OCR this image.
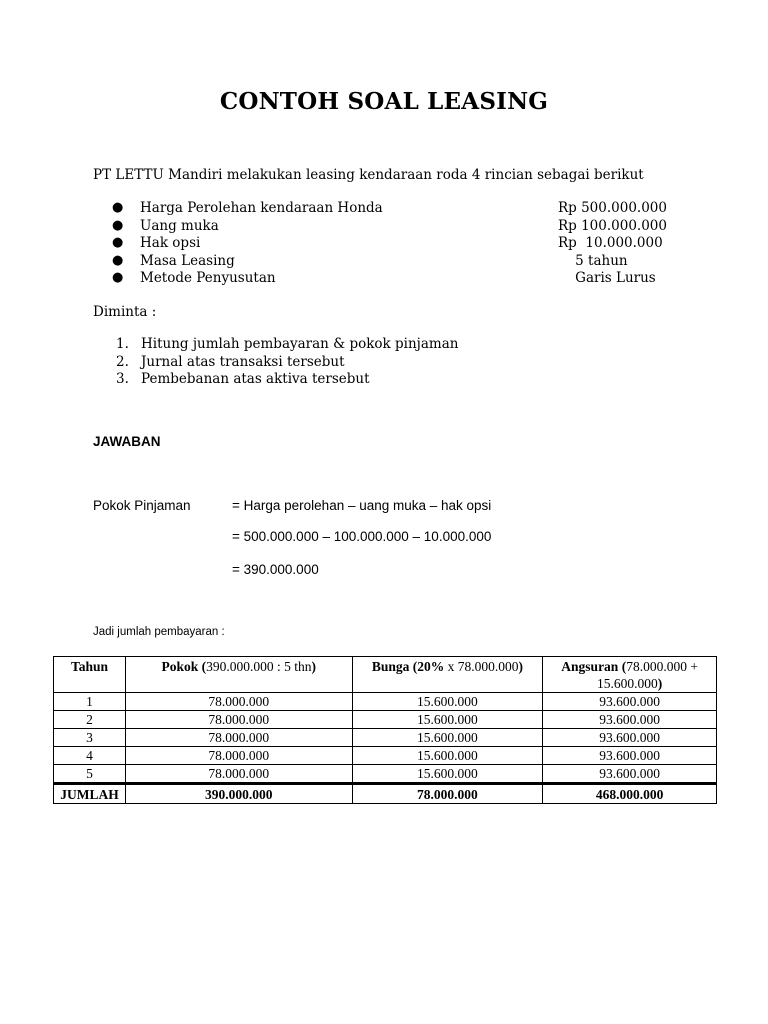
CONTOH SOAL LEASING
PT LETTU Mandiri melakukan leasing kendaraan roda 4 rincian sebagai berikut
● Harga Perolehan kendaraan Honda	Rp 500.000.000
● Uang muka	Rp 100.000.000
● Hak opsi	Rp  10.000.000
● Masa Leasing	5 tahun
● Metode Penyusutan	Garis Lurus
Diminta :
1. Hitung jumlah pembayaran & pokok pinjaman
2. Jurnal atas transaksi tersebut
3. Pembebanan atas aktiva tersebut
JAWABAN
Pokok Pinjaman	= Harga perolehan – uang muka – hak opsi
= 500.000.000 – 100.000.000 – 10.000.000
= 390.000.000
Jadi jumlah pembayaran :
Tahun	Pokok (390.000.000 : 5 thn)	Bunga (20% x 78.000.000)	Angsuran (78.000.000 + 15.600.000)
1	78.000.000	15.600.000	93.600.000
2	78.000.000	15.600.000	93.600.000
3	78.000.000	15.600.000	93.600.000
4	78.000.000	15.600.000	93.600.000
5	78.000.000	15.600.000	93.600.000
JUMLAH	390.000.000	78.000.000	468.000.000
